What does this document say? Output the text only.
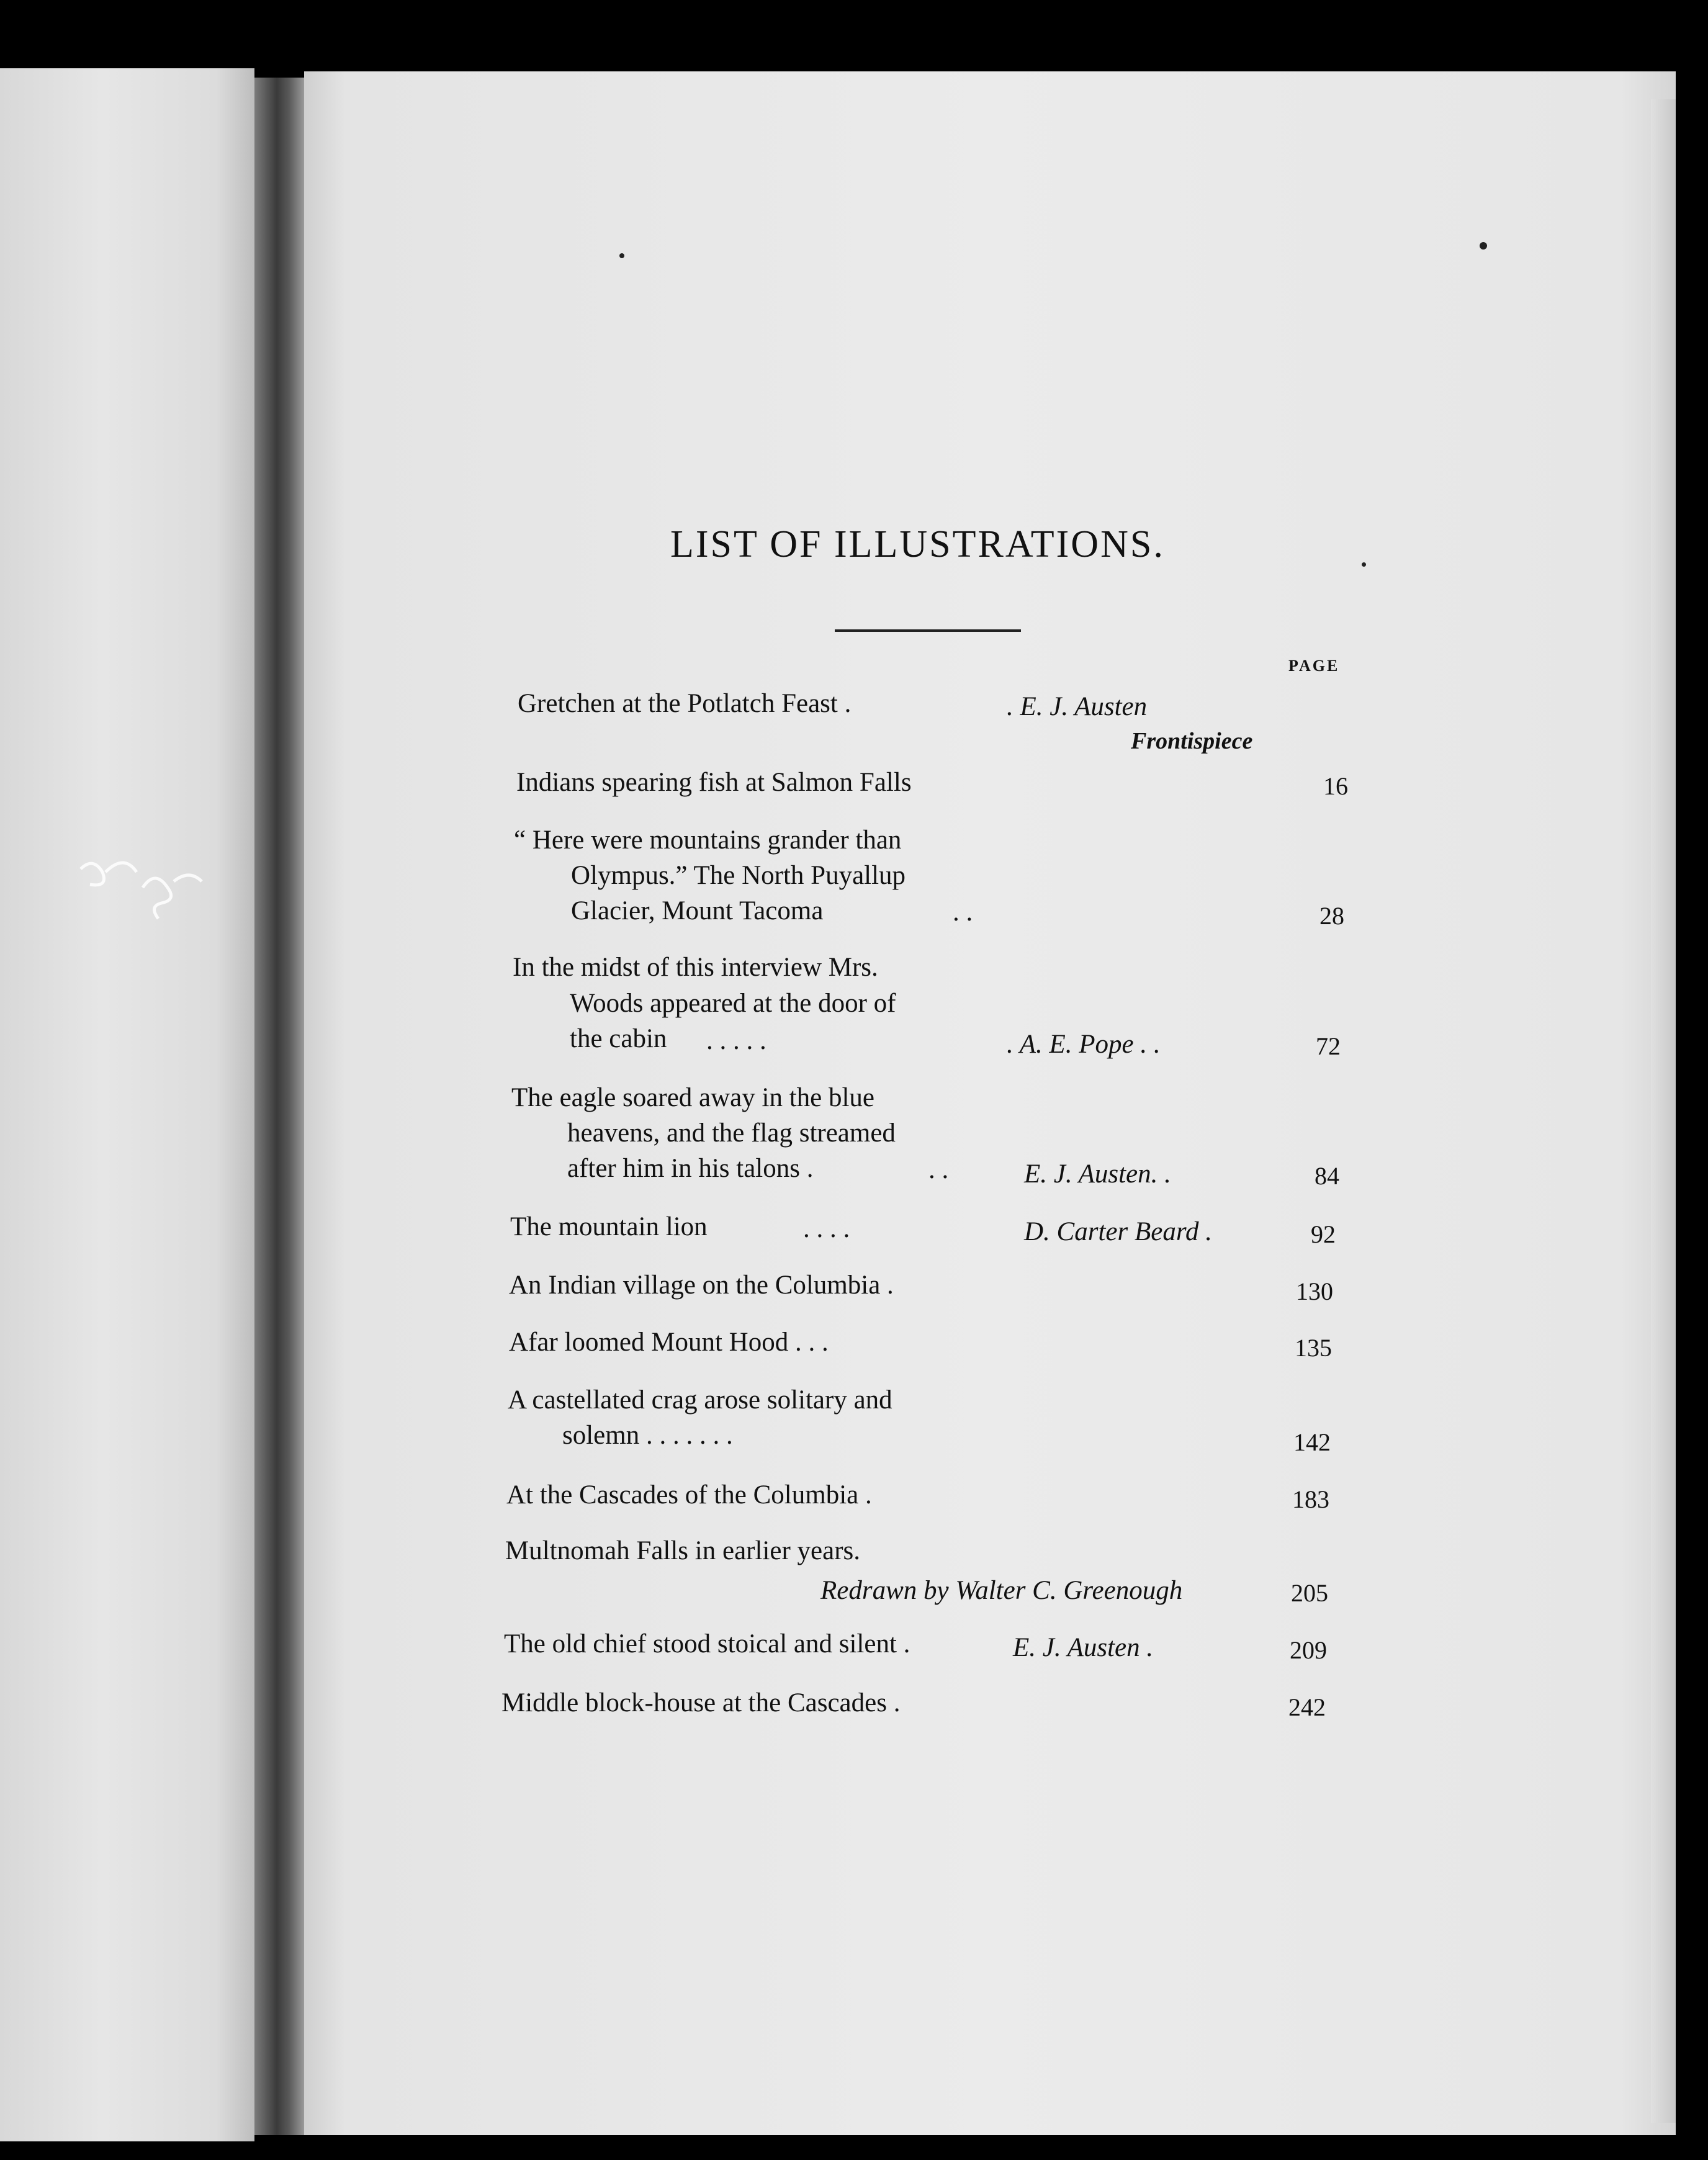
LIST OF ILLUSTRATIONS.
PAGE
Gretchen at the Potlatch Feast .	. E. J. Austen
Frontispiece
Indians spearing fish at Salmon Falls	16
“ Here were mountains grander than
Olympus.” The North Puyallup
Glacier, Mount Tacoma	. .	28
In the midst of this interview Mrs.
Woods appeared at the door of
the cabin . . . . .	. A. E. Pope . .	72
The eagle soared away in the blue
heavens, and the flag streamed
after him in his talons .	. .	E. J. Austen. .	84
The mountain lion	. . . .	D. Carter Beard .	92
An Indian village on the Columbia .	130
Afar loomed Mount Hood . . .	135
A castellated crag arose solitary and
solemn . . . . . . .	142
At the Cascades of the Columbia .	183
Multnomah Falls in earlier years.
Redrawn by Walter C. Greenough	205
The old chief stood stoical and silent .	E. J. Austen .	209
Middle block-house at the Cascades .	242
